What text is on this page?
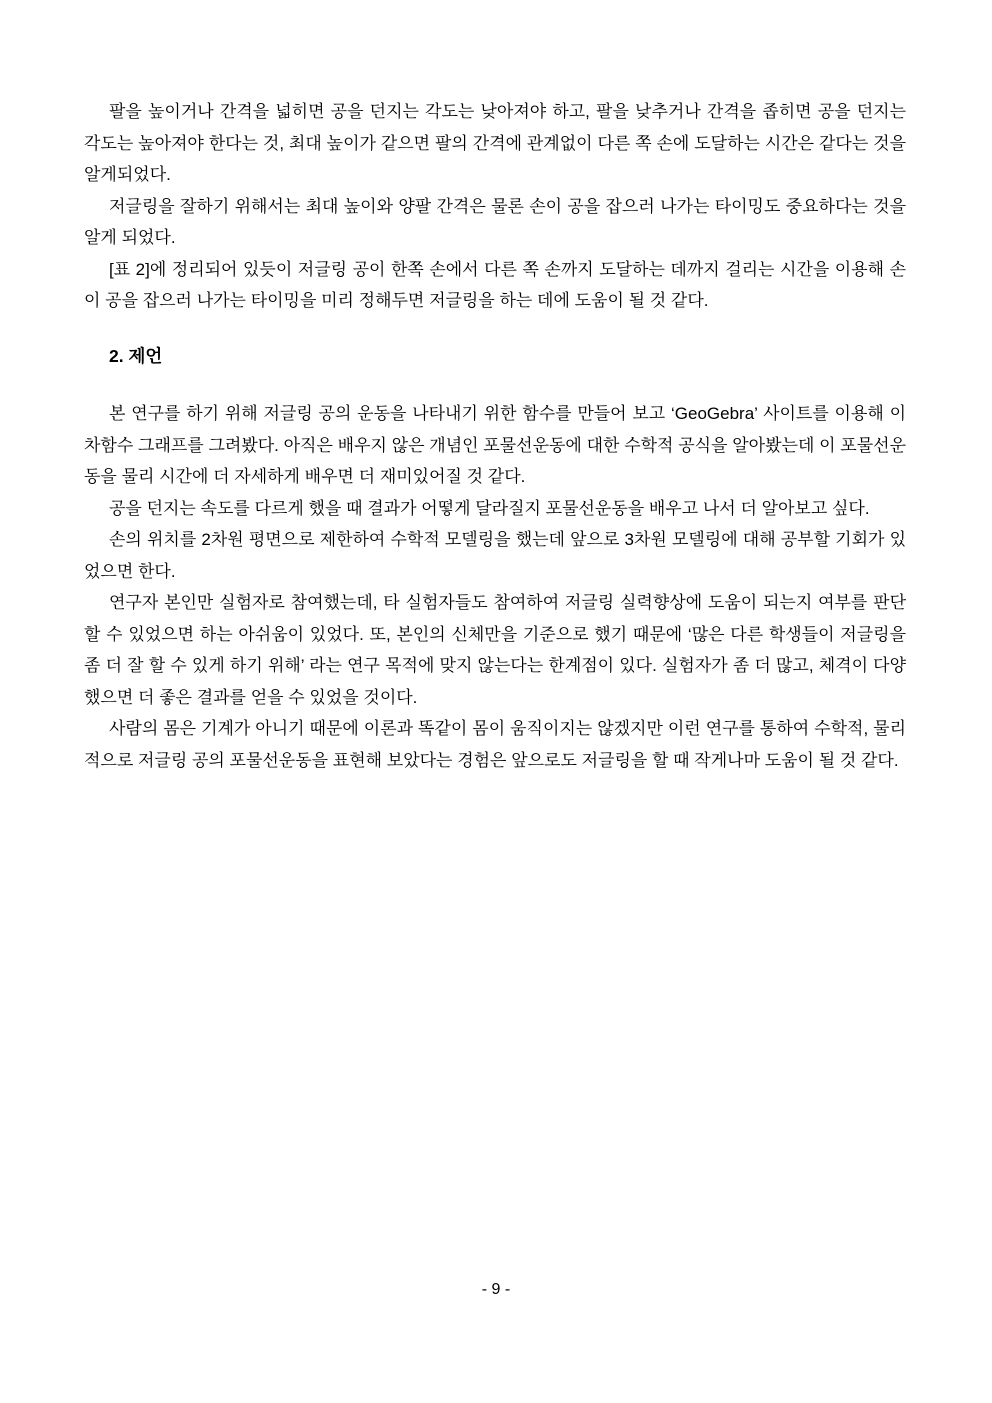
팔을 높이거나 간격을 넓히면 공을 던지는 각도는 낮아져야 하고, 팔을 낮추거나 간격을 좁히면 공을 던지는 각도는 높아져야 한다는 것, 최대 높이가 같으면 팔의 간격에 관계없이 다른 쪽 손에 도달하는 시간은 같다는 것을 알게되었다.

저글링을 잘하기 위해서는 최대 높이와 양팔 간격은 물론 손이 공을 잡으러 나가는 타이밍도 중요하다는 것을 알게 되었다.

[표 2]에 정리되어 있듯이 저글링 공이 한쪽 손에서 다른 쪽 손까지 도달하는 데까지 걸리는 시간을 이용해 손이 공을 잡으러 나가는 타이밍을 미리 정해두면 저글링을 하는 데에 도움이 될 것 같다.

2. 제언

본 연구를 하기 위해 저글링 공의 운동을 나타내기 위한 함수를 만들어 보고 ‘GeoGebra’ 사이트를 이용해 이차함수 그래프를 그려봤다. 아직은 배우지 않은 개념인 포물선운동에 대한 수학적 공식을 알아봤는데 이 포물선운동을 물리 시간에 더 자세하게 배우면 더 재미있어질 것 같다.

공을 던지는 속도를 다르게 했을 때 결과가 어떻게 달라질지 포물선운동을 배우고 나서 더 알아보고 싶다.

손의 위치를 2차원 평면으로 제한하여 수학적 모델링을 했는데 앞으로 3차원 모델링에 대해 공부할 기회가 있었으면 한다.

연구자 본인만 실험자로 참여했는데, 타 실험자들도 참여하여 저글링 실력향상에 도움이 되는지 여부를 판단할 수 있었으면 하는 아쉬움이 있었다. 또, 본인의 신체만을 기준으로 했기 때문에 ‘많은 다른 학생들이 저글링을 좀 더 잘 할 수 있게 하기 위해’ 라는 연구 목적에 맞지 않는다는 한계점이 있다. 실험자가 좀 더 많고, 체격이 다양했으면 더 좋은 결과를 얻을 수 있었을 것이다.

사람의 몸은 기계가 아니기 때문에 이론과 똑같이 몸이 움직이지는 않겠지만 이런 연구를 통하여 수학적, 물리적으로 저글링 공의 포물선운동을 표현해 보았다는 경험은 앞으로도 저글링을 할 때 작게나마 도움이 될 것 같다.

- 9 -
